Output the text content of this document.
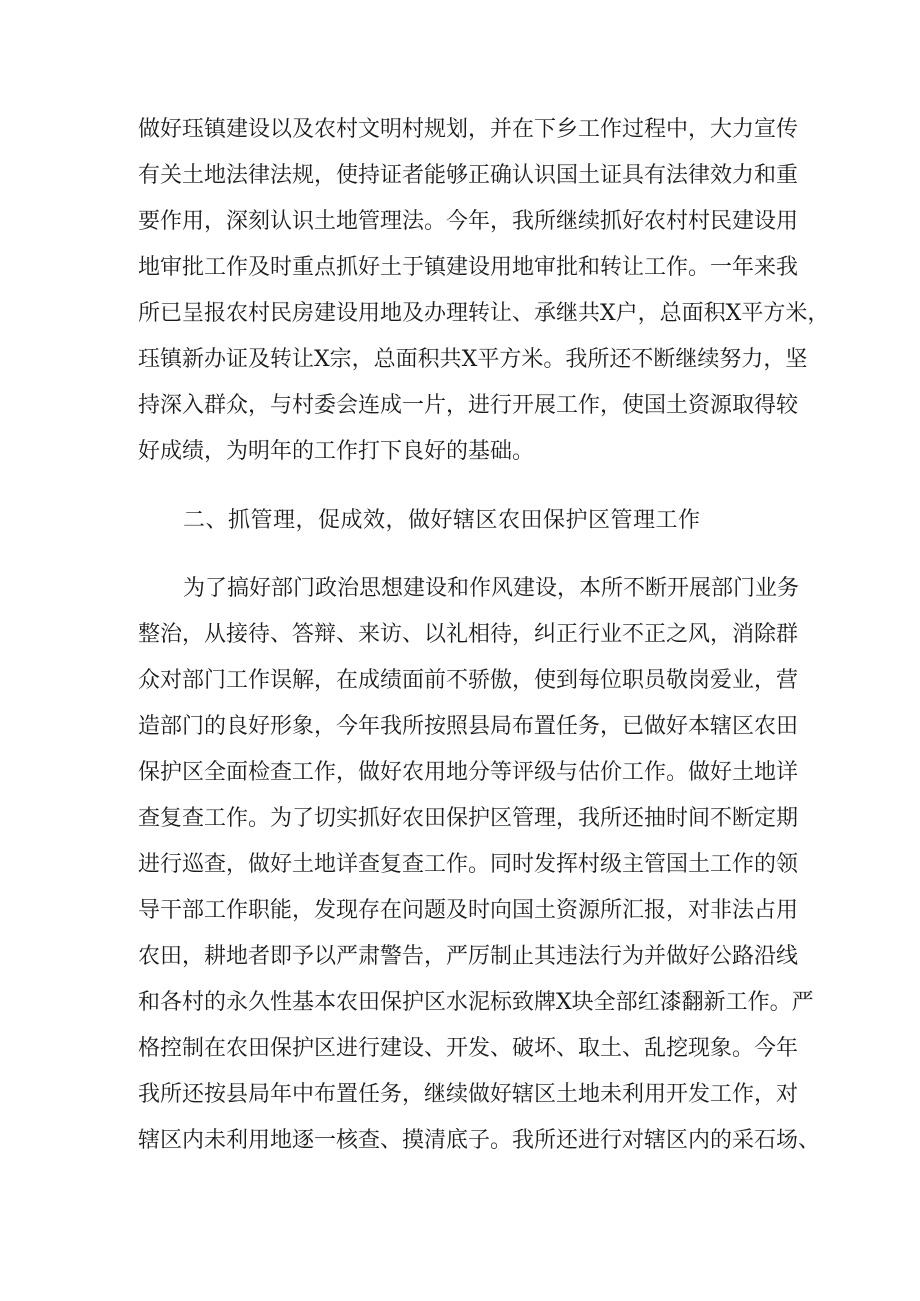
做好珏镇建设以及农村文明村规划，并在下乡工作过程中，大力宣传
有关土地法律法规，使持证者能够正确认识国土证具有法律效力和重
要作用，深刻认识土地管理法。今年，我所继续抓好农村村民建设用
地审批工作及时重点抓好土于镇建设用地审批和转让工作。一年来我
所已呈报农村民房建设用地及办理转让、承继共X户，总面积X平方米，
珏镇新办证及转让X宗，总面积共X平方米。我所还不断继续努力，坚
持深入群众，与村委会连成一片，进行开展工作，使国土资源取得较
好成绩，为明年的工作打下良好的基础。
二、抓管理，促成效，做好辖区农田保护区管理工作
为了搞好部门政治思想建设和作风建设，本所不断开展部门业务
整治，从接待、答辩、来访、以礼相待，纠正行业不正之风，消除群
众对部门工作误解，在成绩面前不骄傲，使到每位职员敬岗爱业，营
造部门的良好形象，今年我所按照县局布置任务，已做好本辖区农田
保护区全面检查工作，做好农用地分等评级与估价工作。做好土地详
查复查工作。为了切实抓好农田保护区管理，我所还抽时间不断定期
进行巡查，做好土地详查复查工作。同时发挥村级主管国土工作的领
导干部工作职能，发现存在问题及时向国土资源所汇报，对非法占用
农田，耕地者即予以严肃警告，严厉制止其违法行为并做好公路沿线
和各村的永久性基本农田保护区水泥标致牌X块全部红漆翻新工作。严
格控制在农田保护区进行建设、开发、破坏、取土、乱挖现象。今年
我所还按县局年中布置任务，继续做好辖区土地未利用开发工作，对
辖区内未利用地逐一核查、摸清底子。我所还进行对辖区内的采石场、
